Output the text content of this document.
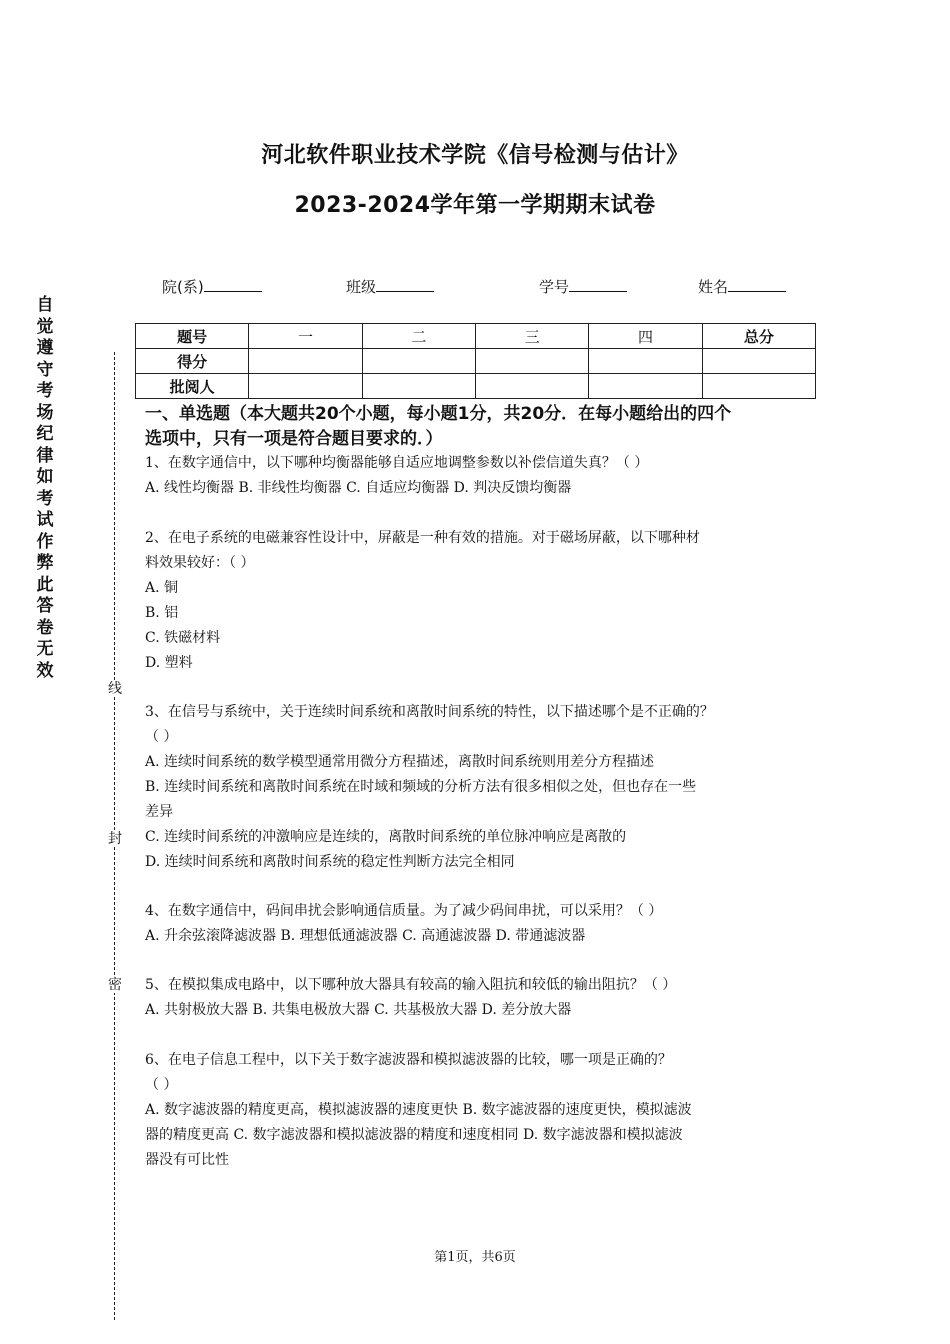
河北软件职业技术学院《信号检测与估计》
2023-2024学年第一学期期末试卷
自觉遵守考场纪律如考试作弊此答卷无效
线
封
密
院(系)	班级	学号	姓名
题号	一	二	三	四	总分
得分					
批阅人					
一、单选题（本大题共20个小题，每小题1分，共20分．在每小题给出的四个
选项中，只有一项是符合题目要求的．）
1、在数字通信中，以下哪种均衡器能够自适应地调整参数以补偿信道失真？（ ）
A. 线性均衡器 B. 非线性均衡器 C. 自适应均衡器 D. 判决反馈均衡器
2、在电子系统的电磁兼容性设计中，屏蔽是一种有效的措施。对于磁场屏蔽，以下哪种材
料效果较好：（ ）
A. 铜
B. 铝
C. 铁磁材料
D. 塑料
3、在信号与系统中，关于连续时间系统和离散时间系统的特性，以下描述哪个是不正确的？
（ ）
A. 连续时间系统的数学模型通常用微分方程描述，离散时间系统则用差分方程描述
B. 连续时间系统和离散时间系统在时域和频域的分析方法有很多相似之处，但也存在一些
差异
C. 连续时间系统的冲激响应是连续的，离散时间系统的单位脉冲响应是离散的
D. 连续时间系统和离散时间系统的稳定性判断方法完全相同
4、在数字通信中，码间串扰会影响通信质量。为了减少码间串扰，可以采用？（ ）
A. 升余弦滚降滤波器 B. 理想低通滤波器 C. 高通滤波器 D. 带通滤波器
5、在模拟集成电路中，以下哪种放大器具有较高的输入阻抗和较低的输出阻抗？（ ）
A. 共射极放大器 B. 共集电极放大器 C. 共基极放大器 D. 差分放大器
6、在电子信息工程中，以下关于数字滤波器和模拟滤波器的比较，哪一项是正确的？
（ ）
A. 数字滤波器的精度更高，模拟滤波器的速度更快 B. 数字滤波器的速度更快，模拟滤波
器的精度更高 C. 数字滤波器和模拟滤波器的精度和速度相同 D. 数字滤波器和模拟滤波
器没有可比性
第1页，共6页
